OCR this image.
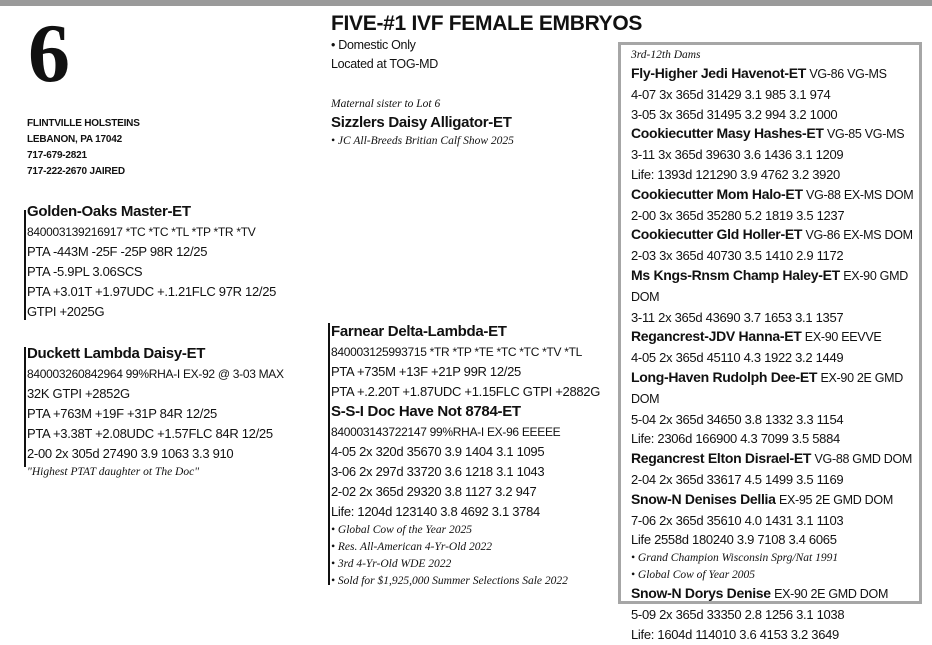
6
FLINTVILLE HOLSTEINS
LEBANON, PA 17042
717-679-2821
717-222-2670 JAIRED
FIVE-#1 IVF FEMALE EMBRYOS
• Domestic Only
Located at TOG-MD
Maternal sister to Lot 6
Sizzlers Daisy Alligator-ET
• JC All-Breeds Britian Calf Show 2025
Golden-Oaks Master-ET
840003139216917 *TC *TC *TL *TP *TR *TV
PTA -443M -25F -25P 98R 12/25
PTA -5.9PL 3.06SCS
PTA +3.01T +1.97UDC +.1.21FLC 97R 12/25
GTPI +2025G
Duckett Lambda Daisy-ET
840003260842964 99%RHA-I EX-92 @ 3-03 MAX
32K GTPI +2852G
PTA +763M +19F +31P 84R 12/25
PTA +3.38T +2.08UDC +1.57FLC 84R 12/25
2-00 2x 305d 27490 3.9 1063 3.3 910
"Highest PTAT daughter ot The Doc"
Farnear Delta-Lambda-ET
840003125993715 *TR *TP *TE *TC *TC *TV *TL
PTA +735M +13F +21P 99R 12/25
PTA +.2.20T +1.87UDC +1.15FLC GTPI +2882G
S-S-I Doc Have Not 8784-ET
840003143722147 99%RHA-I EX-96 EEEEE
4-05 2x 320d 35670 3.9 1404 3.1 1095
3-06 2x 297d 33720 3.6 1218 3.1 1043
2-02 2x 365d 29320 3.8 1127 3.2 947
Life: 1204d 123140 3.8 4692 3.1 3784
• Global Cow of the Year 2025
• Res. All-American 4-Yr-Old 2022
• 3rd 4-Yr-Old WDE 2022
• Sold for $1,925,000 Summer Selections Sale 2022
3rd-12th Dams
Fly-Higher Jedi Havenot-ET VG-86 VG-MS
4-07 3x 365d 31429 3.1 985 3.1 974
3-05 3x 365d 31495 3.2 994 3.2 1000
Cookiecutter Masy Hashes-ET VG-85 VG-MS
3-11 3x 365d 39630 3.6 1436 3.1 1209
Life: 1393d 121290 3.9 4762 3.2 3920
Cookiecutter Mom Halo-ET VG-88 EX-MS DOM
2-00 3x 365d 35280 5.2 1819 3.5 1237
Cookiecutter Gld Holler-ET VG-86 EX-MS DOM
2-03 3x 365d 40730 3.5 1410 2.9 1172
Ms Kngs-Rnsm Champ Haley-ET EX-90 GMD DOM
3-11 2x 365d 43690 3.7 1653 3.1 1357
Regancrest-JDV Hanna-ET EX-90 EEVVE
4-05 2x 365d 45110 4.3 1922 3.2 1449
Long-Haven Rudolph Dee-ET EX-90 2E GMD DOM
5-04 2x 365d 34650 3.8 1332 3.3 1154
Life: 2306d 166900 4.3 7099 3.5 5884
Regancrest Elton Disrael-ET VG-88 GMD DOM
2-04 2x 365d 33617 4.5 1499 3.5 1169
Snow-N Denises Dellia EX-95 2E GMD DOM
7-06 2x 365d 35610 4.0 1431 3.1 1103
Life 2558d 180240 3.9 7108 3.4 6065
• Grand Champion Wisconsin Sprg/Nat 1991
• Global Cow of Year 2005
Snow-N Dorys Denise EX-90 2E GMD DOM
5-09 2x 365d 33350 2.8 1256 3.1 1038
Life: 1604d 114010 3.6 4153 3.2 3649
